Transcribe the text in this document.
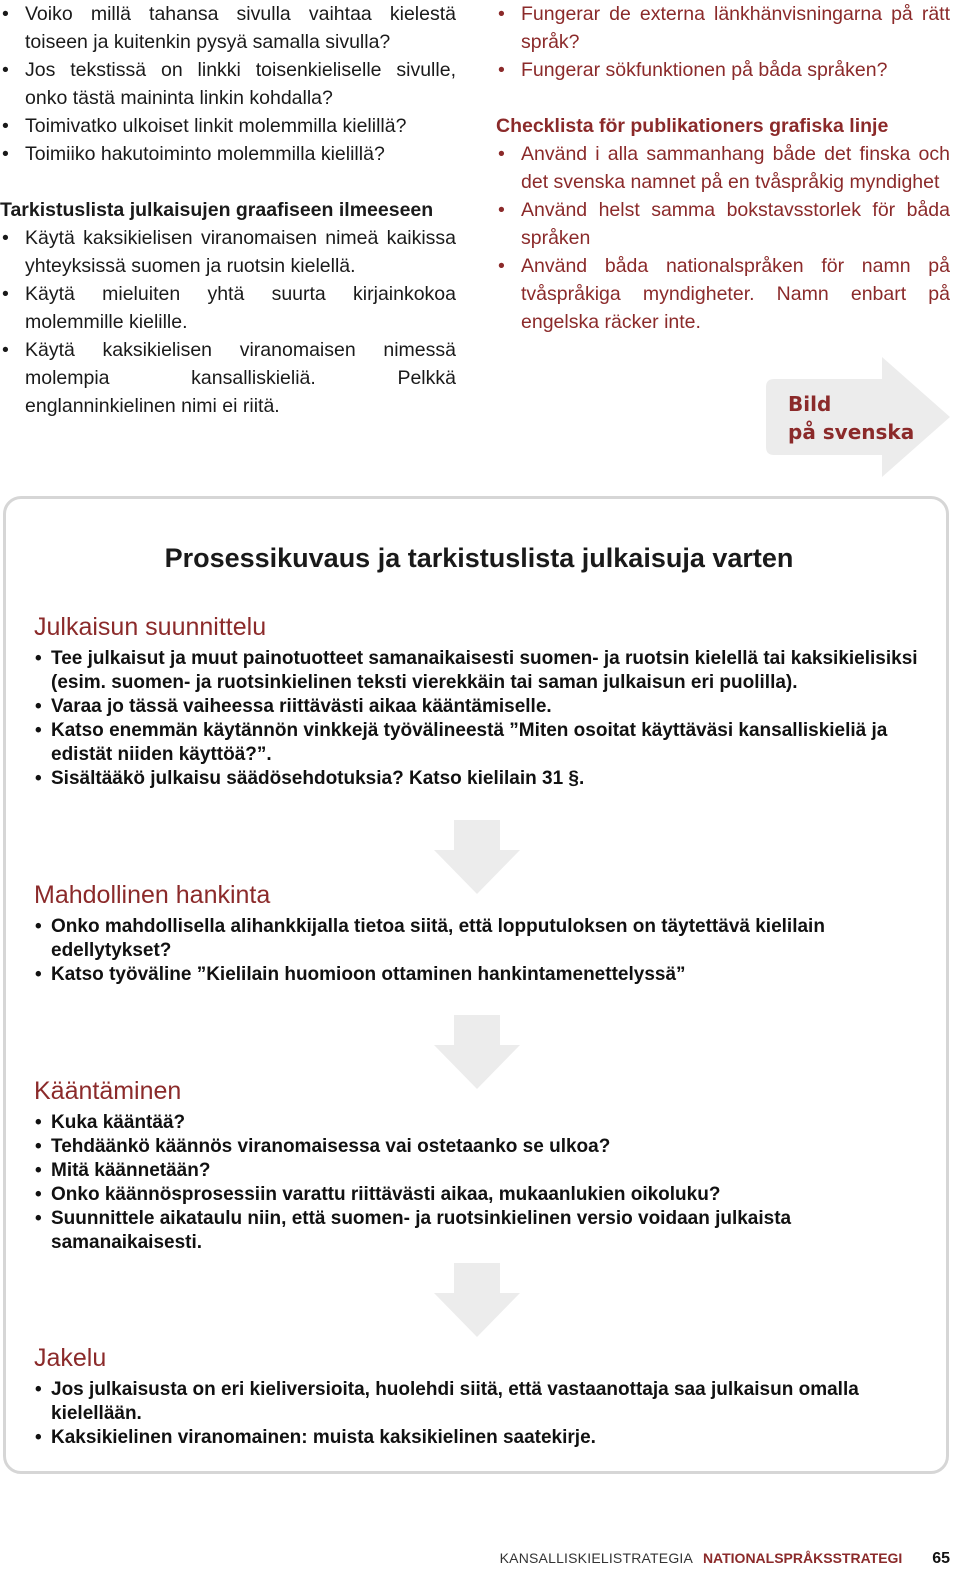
• Voiko millä tahansa sivulla vaihtaa kielestä toiseen ja kuitenkin pysyä samalla sivulla?
• Jos tekstissä on linkki toisenkieliselle sivulle, onko tästä maininta linkin kohdalla?
• Toimivatko ulkoiset linkit molemmilla kielillä?
• Toimiiko hakutoiminto molemmilla kielillä?
Tarkistuslista julkaisujen graafiseen ilmeeseen
• Käytä kaksikielisen viranomaisen nimeä kaikissa yhteyksissä suomen ja ruotsin kielellä.
• Käytä mieluiten yhtä suurta kirjainkokoa molemmille kielille.
• Käytä kaksikielisen viranomaisen nimessä molempia kansalliskieliä. Pelkkä englanninkielinen nimi ei riitä.
• Fungerar de externa länkhänvisningarna på rätt språk?
• Fungerar sökfunktionen på båda språken?
Checklista för publikationers grafiska linje
• Använd i alla sammanhang både det finska och det svenska namnet på en tvåspråkig myndighet
• Använd helst samma bokstavsstorlek för båda språken
• Använd båda nationalspråken för namn på tvåspråkiga myndigheter. Namn enbart på engelska räcker inte.
Bild
på svenska
Prosessikuvaus ja tarkistuslista julkaisuja varten
Julkaisun suunnittelu
• Tee julkaisut ja muut painotuotteet samanaikaisesti suomen- ja ruotsin kielellä tai kaksikielisiksi (esim. suomen- ja ruotsinkielinen teksti vierekkäin tai saman julkaisun eri puolilla).
• Varaa jo tässä vaiheessa riittävästi aikaa kääntämiselle.
• Katso enemmän käytännön vinkkejä työvälineestä ”Miten osoitat käyttäväsi kansalliskieliä ja edistät niiden käyttöä?”.
• Sisältääkö julkaisu säädösehdotuksia? Katso kielilain 31 §.
Mahdollinen hankinta
• Onko mahdollisella alihankkijalla tietoa siitä, että lopputuloksen on täytettävä kielilain edellytykset?
• Katso työväline ”Kielilain huomioon ottaminen hankintamenettelyssä”
Kääntäminen
• Kuka kääntää?
• Tehdäänkö käännös viranomaisessa vai ostetaanko se ulkoa?
• Mitä käännetään?
• Onko käännösprosessiin varattu riittävästi aikaa, mukaanlukien oikoluku?
• Suunnittele aikataulu niin, että suomen- ja ruotsinkielinen versio voidaan julkaista samanaikaisesti.
Jakelu
• Jos julkaisusta on eri kieliversioita, huolehdi siitä, että vastaanottaja saa julkaisun omalla kielellään.
• Kaksikielinen viranomainen: muista kaksikielinen saatekirje.
KANSALLISKIELISTRATEGIA NATIONALSPRÅKSSTRATEGI 65
